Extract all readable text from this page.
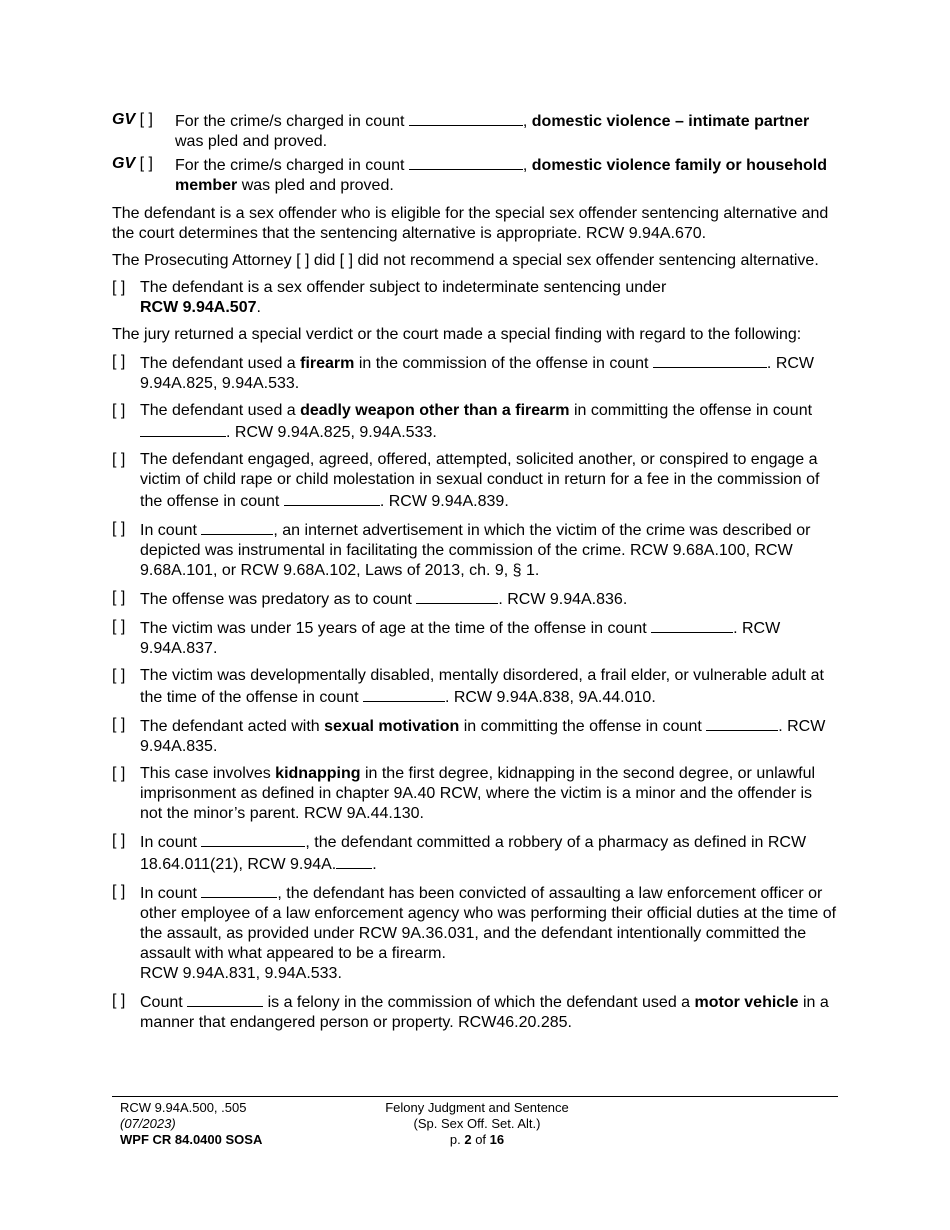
GV [ ] For the crime/s charged in count	, domestic violence – intimate partner was pled and proved.
GV [ ] For the crime/s charged in count	, domestic violence family or household member was pled and proved.

The defendant is a sex offender who is eligible for the special sex offender sentencing alternative and the court determines that the sentencing alternative is appropriate. RCW 9.94A.670.

The Prosecuting Attorney [ ] did [ ] did not recommend a special sex offender sentencing alternative.

[ ] The defendant is a sex offender subject to indeterminate sentencing under
RCW 9.94A.507.

The jury returned a special verdict or the court made a special finding with regard to the following:

[ ] The defendant used a firearm in the commission of the offense in count	. RCW 9.94A.825, 9.94A.533.
[ ] The defendant used a deadly weapon other than a firearm in committing the offense in count . RCW 9.94A.825, 9.94A.533.
[ ] The defendant engaged, agreed, offered, attempted, solicited another, or conspired to engage a victim of child rape or child molestation in sexual conduct in return for a fee in the commission of the offense in count	. RCW 9.94A.839.
[ ] In count	, an internet advertisement in which the victim of the crime was described or depicted was instrumental in facilitating the commission of the crime. RCW 9.68A.100, RCW 9.68A.101, or RCW 9.68A.102, Laws of 2013, ch. 9, § 1.
[ ] The offense was predatory as to count	. RCW 9.94A.836.
[ ] The victim was under 15 years of age at the time of the offense in count	. RCW 9.94A.837.
[ ] The victim was developmentally disabled, mentally disordered, a frail elder, or vulnerable adult at the time of the offense in count	. RCW 9.94A.838, 9A.44.010.
[ ] The defendant acted with sexual motivation in committing the offense in count	. RCW 9.94A.835.
[ ] This case involves kidnapping in the first degree, kidnapping in the second degree, or unlawful imprisonment as defined in chapter 9A.40 RCW, where the victim is a minor and the offender is not the minor’s parent. RCW 9A.44.130.
[ ] In count	, the defendant committed a robbery of a pharmacy as defined in RCW 18.64.011(21), RCW 9.94A. .
[ ] In count	, the defendant has been convicted of assaulting a law enforcement officer or other employee of a law enforcement agency who was performing their official duties at the time of the assault, as provided under RCW 9A.36.031, and the defendant intentionally committed the assault with what appeared to be a firearm.
RCW 9.94A.831, 9.94A.533.
[ ] Count	is a felony in the commission of which the defendant used a motor vehicle in a manner that endangered person or property. RCW46.20.285.
RCW 9.94A.500, .505
(07/2023)
WPF CR 84.0400 SOSA
Felony Judgment and Sentence
(Sp. Sex Off. Set. Alt.)
p. 2 of 16
